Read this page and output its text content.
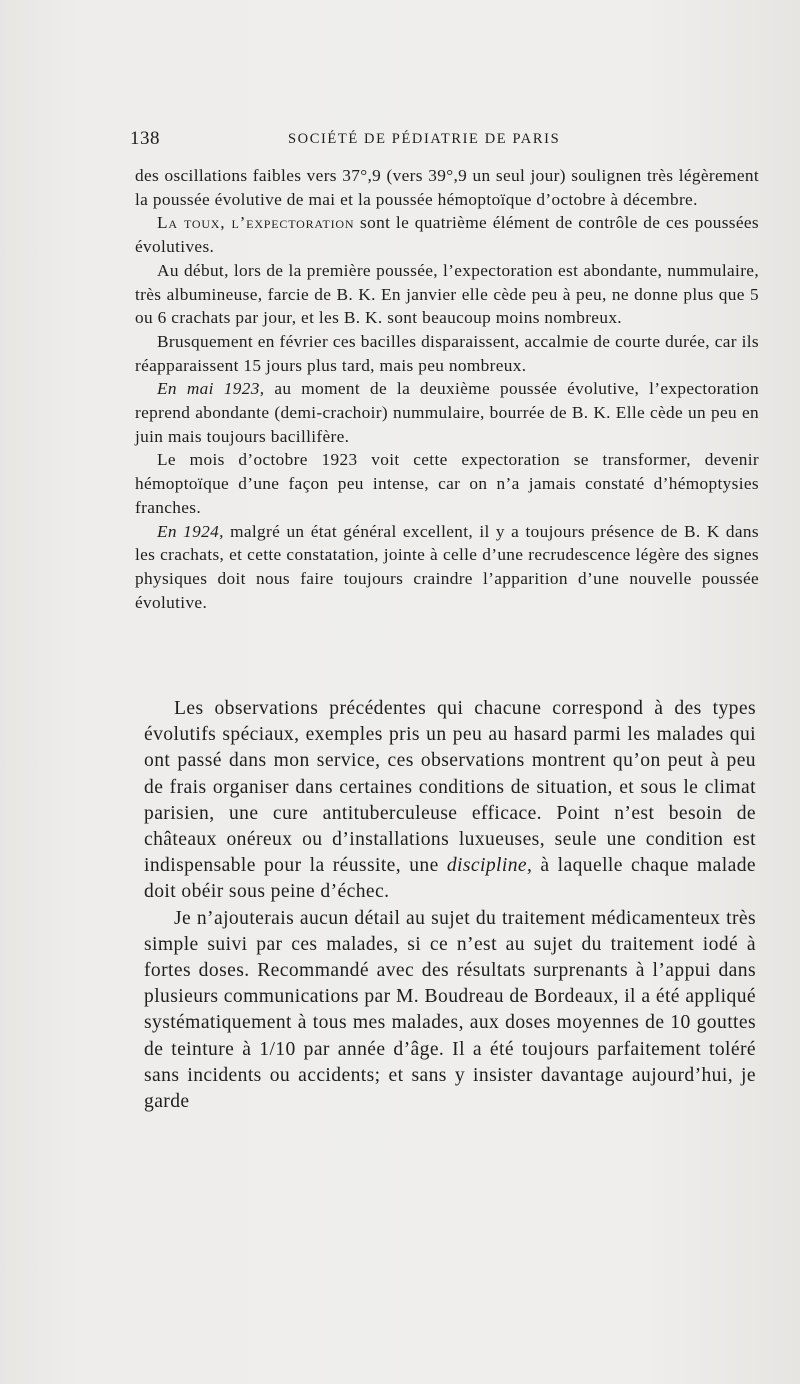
138	SOCIÉTÉ DE PÉDIATRIE DE PARIS

des oscillations faibles vers 37°,9 (vers 39°,9 un seul jour) soulignen très légèrement la poussée évolutive de mai et la poussée hémoptoïque d’octobre à décembre.

La toux, l’expectoration sont le quatrième élément de contrôle de ces poussées évolutives.

Au début, lors de la première poussée, l’expectoration est abondante, nummulaire, très albumineuse, farcie de B. K. En janvier elle cède peu à peu, ne donne plus que 5 ou 6 crachats par jour, et les B. K. sont beaucoup moins nombreux.

Brusquement en février ces bacilles disparaissent, accalmie de courte durée, car ils réapparaissent 15 jours plus tard, mais peu nombreux.

En mai 1923, au moment de la deuxième poussée évolutive, l’expectoration reprend abondante (demi-crachoir) nummulaire, bourrée de B. K. Elle cède un peu en juin mais toujours bacillifère.

Le mois d’octobre 1923 voit cette expectoration se transformer, devenir hémoptoïque d’une façon peu intense, car on n’a jamais constaté d’hémoptysies franches.

En 1924, malgré un état général excellent, il y a toujours présence de B. K dans les crachats, et cette constatation, jointe à celle d’une recrudescence légère des signes physiques doit nous faire toujours craindre l’apparition d’une nouvelle poussée évolutive.

Les observations précédentes qui chacune correspond à des types évolutifs spéciaux, exemples pris un peu au hasard parmi les malades qui ont passé dans mon service, ces observations montrent qu’on peut à peu de frais organiser dans certaines conditions de situation, et sous le climat parisien, une cure antituberculeuse efficace. Point n’est besoin de châteaux onéreux ou d’installations luxueuses, seule une condition est indispensable pour la réussite, une discipline, à laquelle chaque malade doit obéir sous peine d’échec.

Je n’ajouterais aucun détail au sujet du traitement médicamenteux très simple suivi par ces malades, si ce n’est au sujet du traitement iodé à fortes doses. Recommandé avec des résultats surprenants à l’appui dans plusieurs communications par M. Boudreau de Bordeaux, il a été appliqué systématiquement à tous mes malades, aux doses moyennes de 10 gouttes de teinture à 1/10 par année d’âge. Il a été toujours parfaitement toléré sans incidents ou accidents; et sans y insister davantage aujourd’hui, je garde
